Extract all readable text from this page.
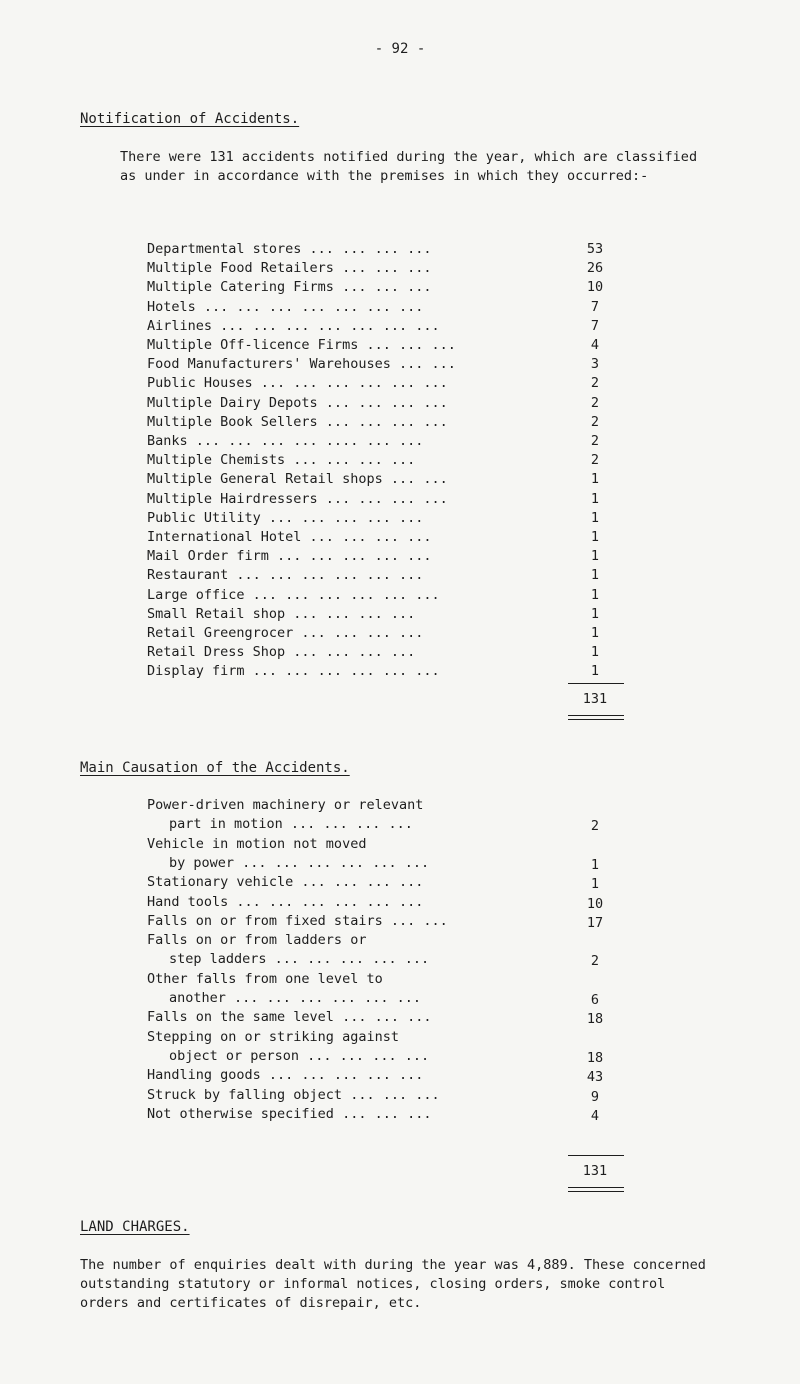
- 92 -
Notification of Accidents.
There were 131 accidents notified during the year, which are classified as under in accordance with the premises in which they occurred:-
Departmental stores ... ... ... ...	53
Multiple Food Retailers ... ... ...	26
Multiple Catering Firms ... ... ...	10
Hotels ... ... ... ... ... ... ...	7
Airlines ... ... ... ... ... ... ...	7
Multiple Off-licence Firms ... ... ...	4
Food Manufacturers' Warehouses ... ...	3
Public Houses ... ... ... ... ... ...	2
Multiple Dairy Depots ... ... ... ...	2
Multiple Book Sellers ... ... ... ...	2
Banks ... ... ... ... .... ... ...	2
Multiple Chemists ... ... ... ...	2
Multiple General Retail shops ... ...	1
Multiple Hairdressers ... ... ... ...	1
Public Utility ... ... ... ... ...	1
International Hotel ... ... ... ...	1
Mail Order firm ... ... ... ... ...	1
Restaurant ... ... ... ... ... ...	1
Large office ... ... ... ... ... ...	1
Small Retail shop ... ... ... ...	1
Retail Greengrocer ... ... ... ...	1
Retail Dress Shop ... ... ... ...	1
Display firm ... ... ... ... ... ...	1
131
Main Causation of the Accidents.
Power-driven machinery or relevant
part in motion ... ... ... ...	2
Vehicle in motion not moved
by power ... ... ... ... ... ...	1
Stationary vehicle ... ... ... ...	1
Hand tools ... ... ... ... ... ...	10
Falls on or from fixed stairs ... ...	17
Falls on or from ladders or
step ladders ... ... ... ... ...	2
Other falls from one level to
another ... ... ... ... ... ...	6
Falls on the same level ... ... ...	18
Stepping on or striking against
object or person ... ... ... ...	18
Handling goods ... ... ... ... ...	43
Struck by falling object ... ... ...	9
Not otherwise specified ... ... ...	4
131
LAND CHARGES.
The number of enquiries dealt with during the year was 4,889. These concerned outstanding statutory or informal notices, closing orders, smoke control orders and certificates of disrepair, etc.
